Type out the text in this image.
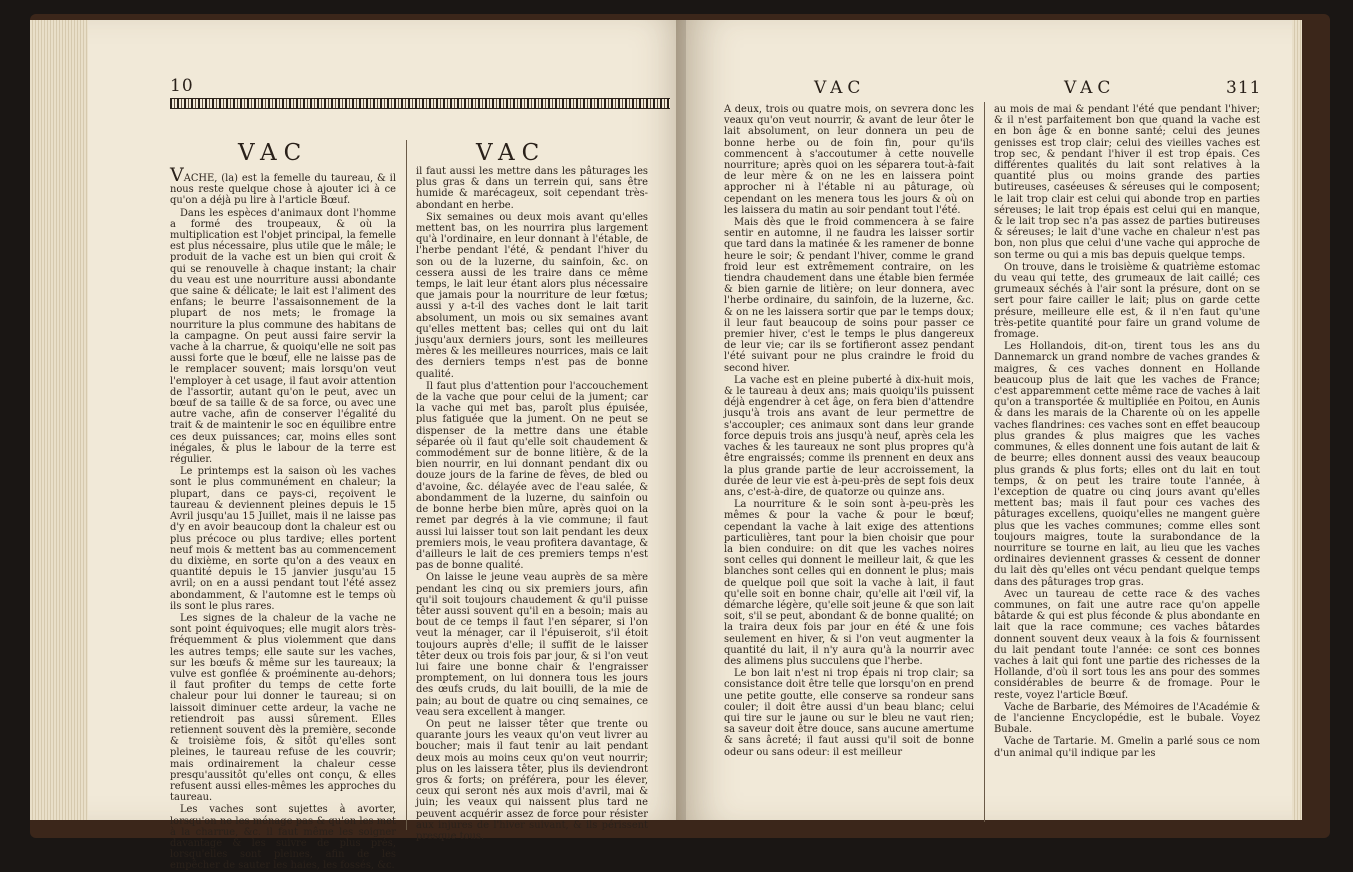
10
VAC	VAC

VACHE, (la) est la femelle du taureau, & il nous reste quelque chose à ajouter ici à ce qu'on a déjà pu lire à l'article Bœuf.

Dans les espèces d'animaux dont l'homme a formé des troupeaux, & où la multiplication est l'objet principal, la femelle est plus nécessaire, plus utile que le mâle; le produit de la vache est un bien qui croit & qui se renouvelle à chaque instant; la chair du veau est une nourriture aussi abondante que saine & délicate; le lait est l'aliment des enfans; le beurre l'assaisonnement de la plupart de nos mets; le fromage la nourriture la plus commune des habitans de la campagne. On peut aussi faire servir la vache à la charrue, & quoiqu'elle ne soit pas aussi forte que le bœuf, elle ne laisse pas de le remplacer souvent; mais lorsqu'on veut l'employer à cet usage, il faut avoir attention de l'assortir, autant qu'on le peut, avec un bœuf de sa taille & de sa force, ou avec une autre vache, afin de conserver l'égalité du trait & de maintenir le soc en équilibre entre ces deux puissances; car, moins elles sont inégales, & plus le labour de la terre est régulier.

Le printemps est la saison où les vaches sont le plus communément en chaleur; la plupart, dans ce pays-ci, reçoivent le taureau & deviennent pleines depuis le 15 Avril jusqu'au 15 Juillet, mais il ne laisse pas d'y en avoir beaucoup dont la chaleur est ou plus précoce ou plus tardive; elles portent neuf mois & mettent bas au commencement du dixième, en sorte qu'on a des veaux en quantité depuis le 15 janvier jusqu'au 15 avril; on en a aussi pendant tout l'été assez abondamment, & l'automne est le temps où ils sont le plus rares.

Les signes de la chaleur de la vache ne sont point équivoques; elle mugit alors très-fréquemment & plus violemment que dans les autres temps; elle saute sur les vaches, sur les bœufs & même sur les taureaux; la vulve est gonflée & proéminente au-dehors; il faut profiter du temps de cette forte chaleur pour lui donner le taureau; si on laissoit diminuer cette ardeur, la vache ne retiendroit pas aussi sûrement. Elles retiennent souvent dès la première, seconde & troisième fois, & sitôt qu'elles sont pleines, le taureau refuse de les couvrir; mais ordinairement la chaleur cesse presqu'aussitôt qu'elles ont conçu, & elles refusent aussi elles-mêmes les approches du taureau.

Les vaches sont sujettes à avorter, lorsqu'on ne les ménage pas & qu'on les met à la charrue, &c. il faut même les soigner davantage & les suivre de plus près, lorsqu'elles sont pleines, afin de les empêcher de sauter les haies, les fossés, &c.

il faut aussi les mettre dans les pâturages les plus gras & dans un terrein qui, sans être humide & marécageux, soit cependant très-abondant en herbe.

Six semaines ou deux mois avant qu'elles mettent bas, on les nourrira plus largement qu'à l'ordinaire, en leur donnant à l'étable, de l'herbe pendant l'été, & pendant l'hiver du son ou de la luzerne, du sainfoin, &c. on cessera aussi de les traire dans ce même temps, le lait leur étant alors plus nécessaire que jamais pour la nourriture de leur fœtus; aussi y a-t-il des vaches dont le lait tarit absolument, un mois ou six semaines avant qu'elles mettent bas; celles qui ont du lait jusqu'aux derniers jours, sont les meilleures mères & les meilleures nourrices, mais ce lait des derniers temps n'est pas de bonne qualité.

Il faut plus d'attention pour l'accouchement de la vache que pour celui de la jument; car la vache qui met bas, paroît plus épuisée, plus fatiguée que la jument. On ne peut se dispenser de la mettre dans une étable séparée où il faut qu'elle soit chaudement & commodément sur de bonne litière, & de la bien nourrir, en lui donnant pendant dix ou douze jours de la farine de fèves, de bled ou d'avoine, &c. délayée avec de l'eau salée, & abondamment de la luzerne, du sainfoin ou de bonne herbe bien mûre, après quoi on la remet par degrés à la vie commune; il faut aussi lui laisser tout son lait pendant les deux premiers mois, le veau profitera davantage, & d'ailleurs le lait de ces premiers temps n'est pas de bonne qualité.

On laisse le jeune veau auprès de sa mère pendant les cinq ou six premiers jours, afin qu'il soit toujours chaudement & qu'il puisse têter aussi souvent qu'il en a besoin; mais au bout de ce temps il faut l'en séparer, si l'on veut la ménager, car il l'épuiseroit, s'il étoit toujours auprès d'elle; il suffit de le laisser têter deux ou trois fois par jour, & si l'on veut lui faire une bonne chair & l'engraisser promptement, on lui donnera tous les jours des œufs cruds, du lait bouilli, de la mie de pain; au bout de quatre ou cinq semaines, ce veau sera excellent à manger.

On peut ne laisser têter que trente ou quarante jours les veaux qu'on veut livrer au boucher; mais il faut tenir au lait pendant deux mois au moins ceux qu'on veut nourrir; plus on les laissera têter, plus ils deviendront gros & forts; on préférera, pour les élever, ceux qui seront nés aux mois d'avril, mai & juin; les veaux qui naissent plus tard ne peuvent acquérir assez de force pour résister aux injures de l'hiver suivant, & ils périssent presque tous.

VAC	VAC	311

A deux, trois ou quatre mois, on sevrera donc les veaux qu'on veut nourrir, & avant de leur ôter le lait absolument, on leur donnera un peu de bonne herbe ou de foin fin, pour qu'ils commencent à s'accoutumer à cette nouvelle nourriture; après quoi on les séparera tout-à-fait de leur mère & on ne les en laissera point approcher ni à l'étable ni au pâturage, où cependant on les menera tous les jours & où on les laissera du matin au soir pendant tout l'été.

Mais dès que le froid commencera à se faire sentir en automne, il ne faudra les laisser sortir que tard dans la matinée & les ramener de bonne heure le soir; & pendant l'hiver, comme le grand froid leur est extrêmement contraire, on les tiendra chaudement dans une étable bien fermée & bien garnie de litière; on leur donnera, avec l'herbe ordinaire, du sainfoin, de la luzerne, &c. & on ne les laissera sortir que par le temps doux; il leur faut beaucoup de soins pour passer ce premier hiver, c'est le temps le plus dangereux de leur vie; car ils se fortifieront assez pendant l'été suivant pour ne plus craindre le froid du second hiver.

La vache est en pleine puberté à dix-huit mois, & le taureau à deux ans; mais quoiqu'ils puissent déjà engendrer à cet âge, on fera bien d'attendre jusqu'à trois ans avant de leur permettre de s'accoupler; ces animaux sont dans leur grande force depuis trois ans jusqu'à neuf, après cela les vaches & les taureaux ne sont plus propres qu'à être engraissés; comme ils prennent en deux ans la plus grande partie de leur accroissement, la durée de leur vie est à-peu-près de sept fois deux ans, c'est-à-dire, de quatorze ou quinze ans.

La nourriture & le soin sont à-peu-près les mêmes & pour la vache & pour le bœuf; cependant la vache à lait exige des attentions particulières, tant pour la bien choisir que pour la bien conduire: on dit que les vaches noires sont celles qui donnent le meilleur lait, & que les blanches sont celles qui en donnent le plus; mais de quelque poil que soit la vache à lait, il faut qu'elle soit en bonne chair, qu'elle ait l'œil vif, la démarche légère, qu'elle soit jeune & que son lait soit, s'il se peut, abondant & de bonne qualité; on la traira deux fois par jour en été & une fois seulement en hiver, & si l'on veut augmenter la quantité du lait, il n'y aura qu'à la nourrir avec des alimens plus succulens que l'herbe.

Le bon lait n'est ni trop épais ni trop clair; sa consistance doit être telle que lorsqu'on en prend une petite goutte, elle conserve sa rondeur sans couler; il doit être aussi d'un beau blanc; celui qui tire sur le jaune ou sur le bleu ne vaut rien; sa saveur doit être douce, sans aucune amertume & sans âcreté; il faut aussi qu'il soit de bonne odeur ou sans odeur: il est meilleur

au mois de mai & pendant l'été que pendant l'hiver; & il n'est parfaitement bon que quand la vache est en bon âge & en bonne santé; celui des jeunes genisses est trop clair; celui des vieilles vaches est trop sec, & pendant l'hiver il est trop épais. Ces différentes qualités du lait sont relatives à la quantité plus ou moins grande des parties butireuses, caséeuses & séreuses qui le composent; le lait trop clair est celui qui abonde trop en parties séreuses; le lait trop épais est celui qui en manque, & le lait trop sec n'a pas assez de parties butireuses & séreuses; le lait d'une vache en chaleur n'est pas bon, non plus que celui d'une vache qui approche de son terme ou qui a mis bas depuis quelque temps.

On trouve, dans le troisième & quatrième estomac du veau qui tette, des grumeaux de lait caillé; ces grumeaux séchés à l'air sont la présure, dont on se sert pour faire cailler le lait; plus on garde cette présure, meilleure elle est, & il n'en faut qu'une très-petite quantité pour faire un grand volume de fromage.

Les Hollandois, dit-on, tirent tous les ans du Dannemarck un grand nombre de vaches grandes & maigres, & ces vaches donnent en Hollande beaucoup plus de lait que les vaches de France; c'est apparemment cette même race de vaches à lait qu'on a transportée & multipliée en Poitou, en Aunis & dans les marais de la Charente où on les appelle vaches flandrines: ces vaches sont en effet beaucoup plus grandes & plus maigres que les vaches communes, & elles donnent une fois autant de lait & de beurre; elles donnent aussi des veaux beaucoup plus grands & plus forts; elles ont du lait en tout temps, & on peut les traire toute l'année, à l'exception de quatre ou cinq jours avant qu'elles mettent bas; mais il faut pour ces vaches des pâturages excellens, quoiqu'elles ne mangent guère plus que les vaches communes; comme elles sont toujours maigres, toute la surabondance de la nourriture se tourne en lait, au lieu que les vaches ordinaires deviennent grasses & cessent de donner du lait dès qu'elles ont vécu pendant quelque temps dans des pâturages trop gras.

Avec un taureau de cette race & des vaches communes, on fait une autre race qu'on appelle bâtarde & qui est plus féconde & plus abondante en lait que la race commune; ces vaches bâtardes donnent souvent deux veaux à la fois & fournissent du lait pendant toute l'année: ce sont ces bonnes vaches à lait qui font une partie des richesses de la Hollande, d'où il sort tous les ans pour des sommes considérables de beurre & de fromage. Pour le reste, voyez l'article Bœuf.

Vache de Barbarie, des Mémoires de l'Académie & de l'ancienne Encyclopédie, est le bubale. Voyez Bubale.

Vache de Tartarie. M. Gmelin a parlé sous ce nom d'un animal qu'il indique par les
